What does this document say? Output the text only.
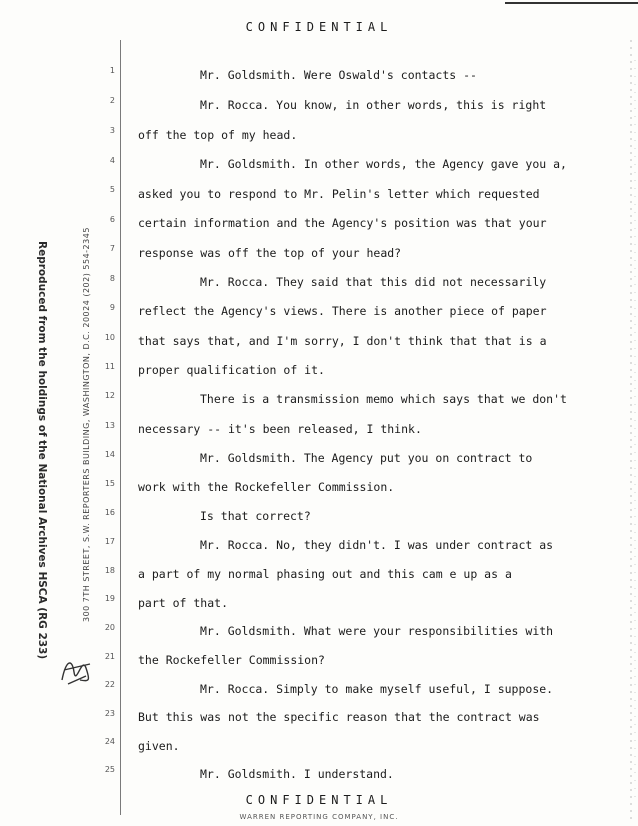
CONFIDENTIAL
Reproduced from the holdings of the National Archives HSCA (RG 233)	300 7TH STREET, S.W. REPORTERS BUILDING, WASHINGTON, D.C. 20024 (202) 554-2345
1
2
3
4
5
6
7
8
9
10
11
12
13
14
15
16
17
18
19
20
21
22
23
24
25
Mr. Goldsmith. Were Oswald's contacts --
Mr. Rocca. You know, in other words, this is right
off the top of my head.
Mr. Goldsmith. In other words, the Agency gave you a,
asked you to respond to Mr. Pelin's letter which requested
certain information and the Agency's position was that your
response was off the top of your head?
Mr. Rocca. They said that this did not necessarily
reflect the Agency's views. There is another piece of paper
that says that, and I'm sorry, I don't think that that is a
proper qualification of it.
There is a transmission memo which says that we don't
necessary -- it's been released, I think.
Mr. Goldsmith. The Agency put you on contract to
work with the Rockefeller Commission.
Is that correct?
Mr. Rocca. No, they didn't. I was under contract as
a part of my normal phasing out and this cam e up as a
part of that.
Mr. Goldsmith. What were your responsibilities with
the Rockefeller Commission?
Mr. Rocca. Simply to make myself useful, I suppose.
But this was not the specific reason that the contract was
given.
Mr. Goldsmith. I understand.
CONFIDENTIAL
WARREN REPORTING COMPANY, INC.
